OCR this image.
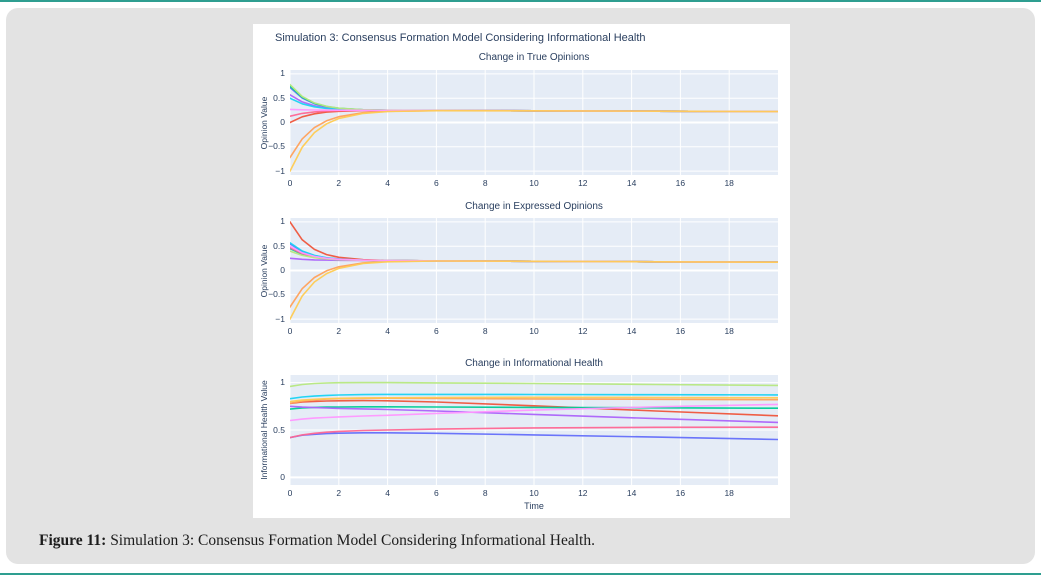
Simulation 3: Consensus Formation Model Considering Informational Health
Change in True Opinions
Opinion Value
1
0.5
0
−0.5
−1
0	2	4	6	8	10	12	14	16	18
Change in Expressed Opinions
Opinion Value
1
0.5
0
−0.5
−1
0	2	4	6	8	10	12	14	16	18
Change in Informational Health
Informational Health Value	1
0.5
0
0	2	4	6	8	10	12	14	16	18
Time
Figure 11: Simulation 3: Consensus Formation Model Considering Informational Health.
